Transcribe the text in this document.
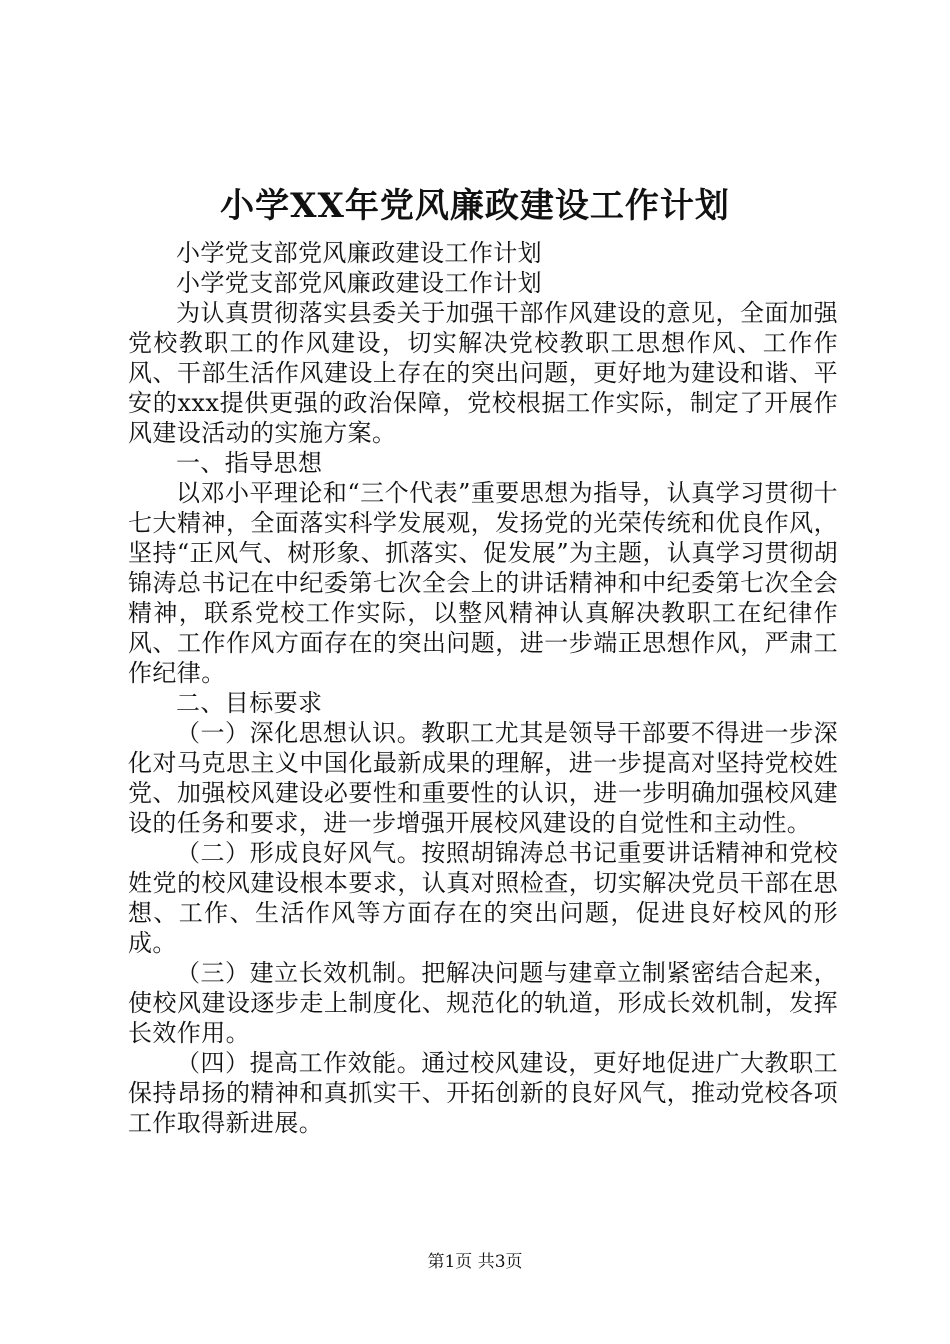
小学XX年党风廉政建设工作计划

小学党支部党风廉政建设工作计划

小学党支部党风廉政建设工作计划

为认真贯彻落实县委关于加强干部作风建设的意见，全面加强党校教职工的作风建设，切实解决党校教职工思想作风、工作作风、干部生活作风建设上存在的突出问题，更好地为建设和谐、平安的xxx提供更强的政治保障，党校根据工作实际，制定了开展作风建设活动的实施方案。

一、指导思想

以邓小平理论和“三个代表”重要思想为指导，认真学习贯彻十七大精神，全面落实科学发展观，发扬党的光荣传统和优良作风，坚持“正风气、树形象、抓落实、促发展”为主题，认真学习贯彻胡锦涛总书记在中纪委第七次全会上的讲话精神和中纪委第七次全会精神，联系党校工作实际，以整风精神认真解决教职工在纪律作风、工作作风方面存在的突出问题，进一步端正思想作风，严肃工作纪律。

二、目标要求

（一）深化思想认识。教职工尤其是领导干部要不得进一步深化对马克思主义中国化最新成果的理解，进一步提高对坚持党校姓党、加强校风建设必要性和重要性的认识，进一步明确加强校风建设的任务和要求，进一步增强开展校风建设的自觉性和主动性。

（二）形成良好风气。按照胡锦涛总书记重要讲话精神和党校姓党的校风建设根本要求，认真对照检查，切实解决党员干部在思想、工作、生活作风等方面存在的突出问题，促进良好校风的形成。

（三）建立长效机制。把解决问题与建章立制紧密结合起来，使校风建设逐步走上制度化、规范化的轨道，形成长效机制，发挥长效作用。

（四）提高工作效能。通过校风建设，更好地促进广大教职工保持昂扬的精神和真抓实干、开拓创新的良好风气，推动党校各项工作取得新进展。

第1页 共3页
